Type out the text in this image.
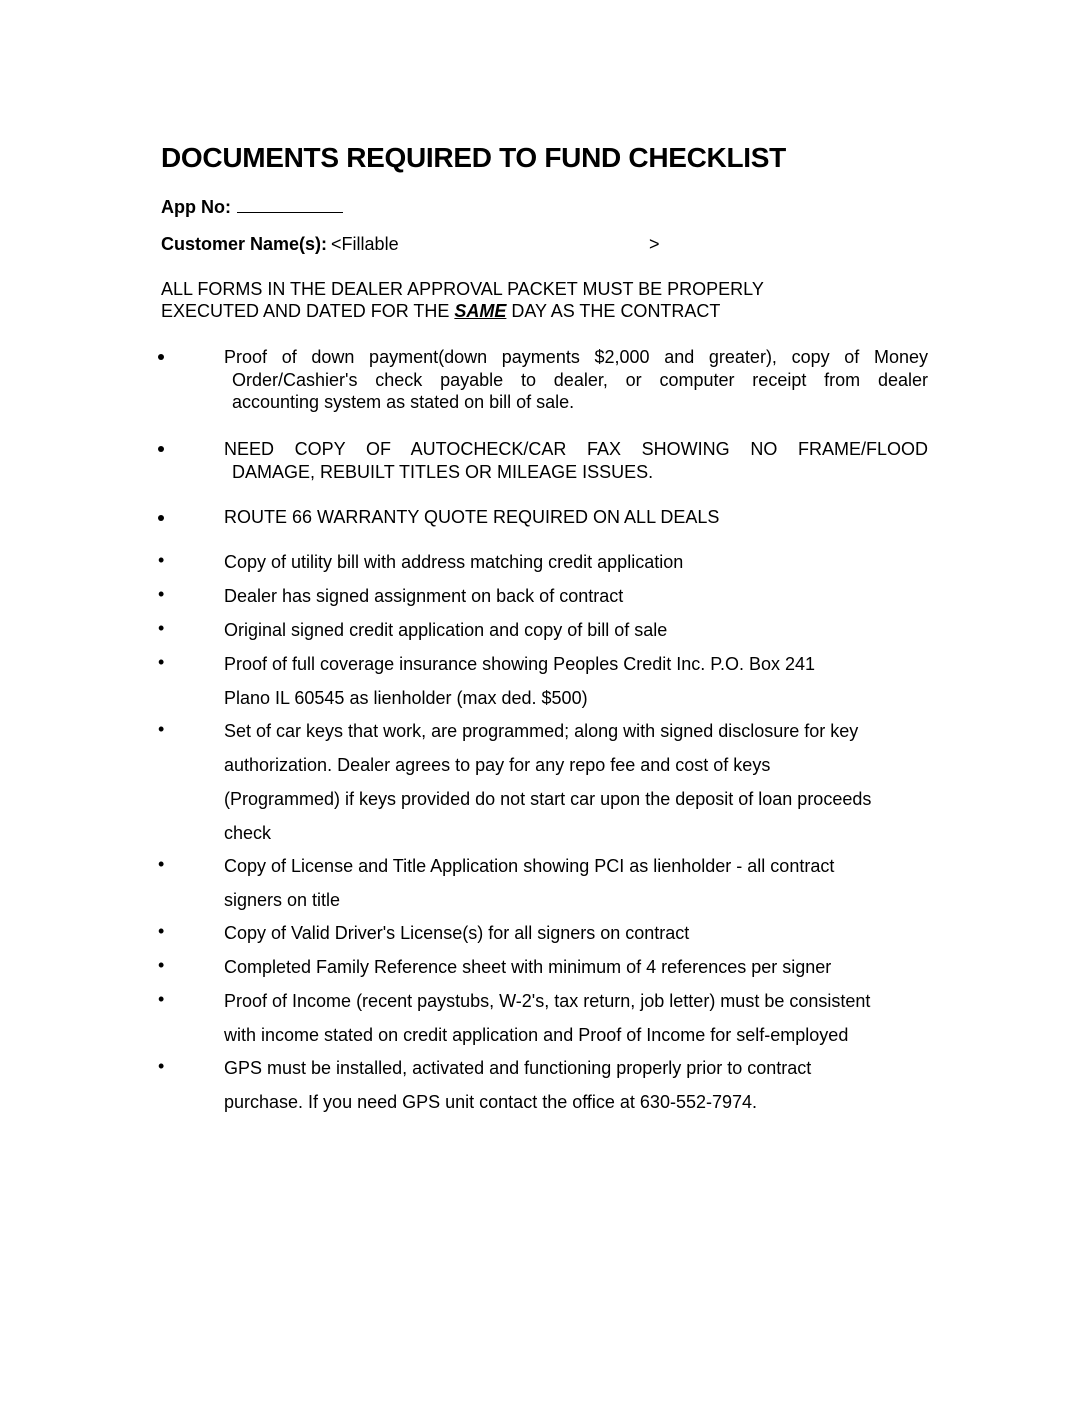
DOCUMENTS REQUIRED TO FUND CHECKLIST
App No:
Customer Name(s): <Fillable	>
ALL FORMS IN THE DEALER APPROVAL PACKET MUST BE PROPERLY
EXECUTED AND DATED FOR THE SAME DAY AS THE CONTRACT
Proof of down payment(down payments $2,000 and greater), copy of Money
Order/Cashier's check payable to dealer, or computer receipt from dealer
accounting system as stated on bill of sale.
NEED COPY OF AUTOCHECK/CAR FAX SHOWING NO FRAME/FLOOD
DAMAGE, REBUILT TITLES OR MILEAGE ISSUES.
ROUTE 66 WARRANTY QUOTE REQUIRED ON ALL DEALS
•	Copy of utility bill with address matching credit application
•	Dealer has signed assignment on back of contract
•	Original signed credit application and copy of bill of sale
•	Proof of full coverage insurance showing Peoples Credit Inc. P.O. Box 241
Plano IL 60545 as lienholder (max ded. $500)
•	Set of car keys that work, are programmed; along with signed disclosure for key
authorization. Dealer agrees to pay for any repo fee and cost of keys
(Programmed) if keys provided do not start car upon the deposit of loan proceeds
check
•	Copy of License and Title Application showing PCI as lienholder - all contract
signers on title
•	Copy of Valid Driver's License(s) for all signers on contract
•	Completed Family Reference sheet with minimum of 4 references per signer
•	Proof of Income (recent paystubs, W-2's, tax return, job letter) must be consistent
with income stated on credit application and Proof of Income for self-employed
•	GPS must be installed, activated and functioning properly prior to contract
purchase. If you need GPS unit contact the office at 630-552-7974.
